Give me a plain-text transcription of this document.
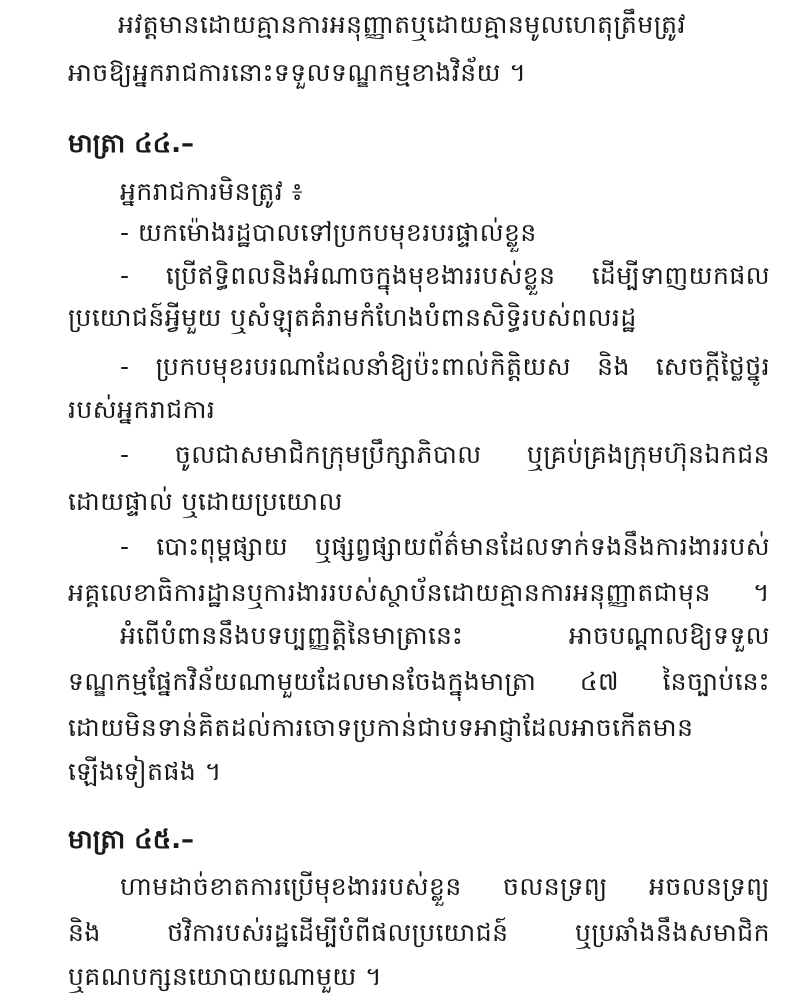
អវត្តមានដោយគ្មានការអនុញ្ញាតឬដោយគ្មានមូលហេតុត្រឹមត្រូវ
អាចឱ្យអ្នករាជការនោះទទួលទណ្ឌកម្មខាងវិន័យ ។
មាត្រា ៤៤.–
អ្នករាជការមិនត្រូវ ៖
- យកម៉ោងរដ្ឋបាលទៅប្រកបមុខរបរផ្ទាល់ខ្លួន
- ប្រើឥទ្ធិពលនិងអំណាចក្នុងមុខងាររបស់ខ្លួន ដើម្បីទាញយកផល
ប្រយោជន៍អ្វីមួយ ឬសំឡុតគំរាមកំហែងបំពានសិទ្ធិរបស់ពលរដ្ឋ
- ប្រកបមុខរបរណាដែលនាំឱ្យប៉ះពាល់កិត្តិយស និង សេចក្តីថ្លៃថ្នូរ
របស់អ្នករាជការ
- ចូលជាសមាជិកក្រុមប្រឹក្សាភិបាល ឬគ្រប់គ្រងក្រុមហ៊ុនឯកជន
ដោយផ្ទាល់ ឬដោយប្រយោល
- បោះពុម្ពផ្សាយ ឬផ្សព្វផ្សាយព័ត៌មានដែលទាក់ទងនឹងការងាររបស់
អគ្គលេខាធិការដ្ឋានឬការងាររបស់ស្ថាប័នដោយគ្មានការអនុញ្ញាតជាមុន ។
អំពើបំពាននឹងបទប្បញ្ញត្តិនៃមាត្រានេះ អាចបណ្តាលឱ្យទទួល
ទណ្ឌកម្មផ្នែកវិន័យណាមួយដែលមានចែងក្នុងមាត្រា ៤៧ នៃច្បាប់នេះ
ដោយមិនទាន់គិតដល់ការចោទប្រកាន់ជាបទអាជ្ញាដែលអាចកើតមាន
ឡើងទៀតផង ។
មាត្រា ៤៥.–
ហាមដាច់ខាតការប្រើមុខងាររបស់ខ្លួន ចលនទ្រព្យ អចលនទ្រព្យ
និង ថវិការបស់រដ្ឋដើម្បីបំពីផលប្រយោជន៍ ឬប្រឆាំងនឹងសមាជិក
ឬគណបក្សនយោបាយណាមួយ ។
